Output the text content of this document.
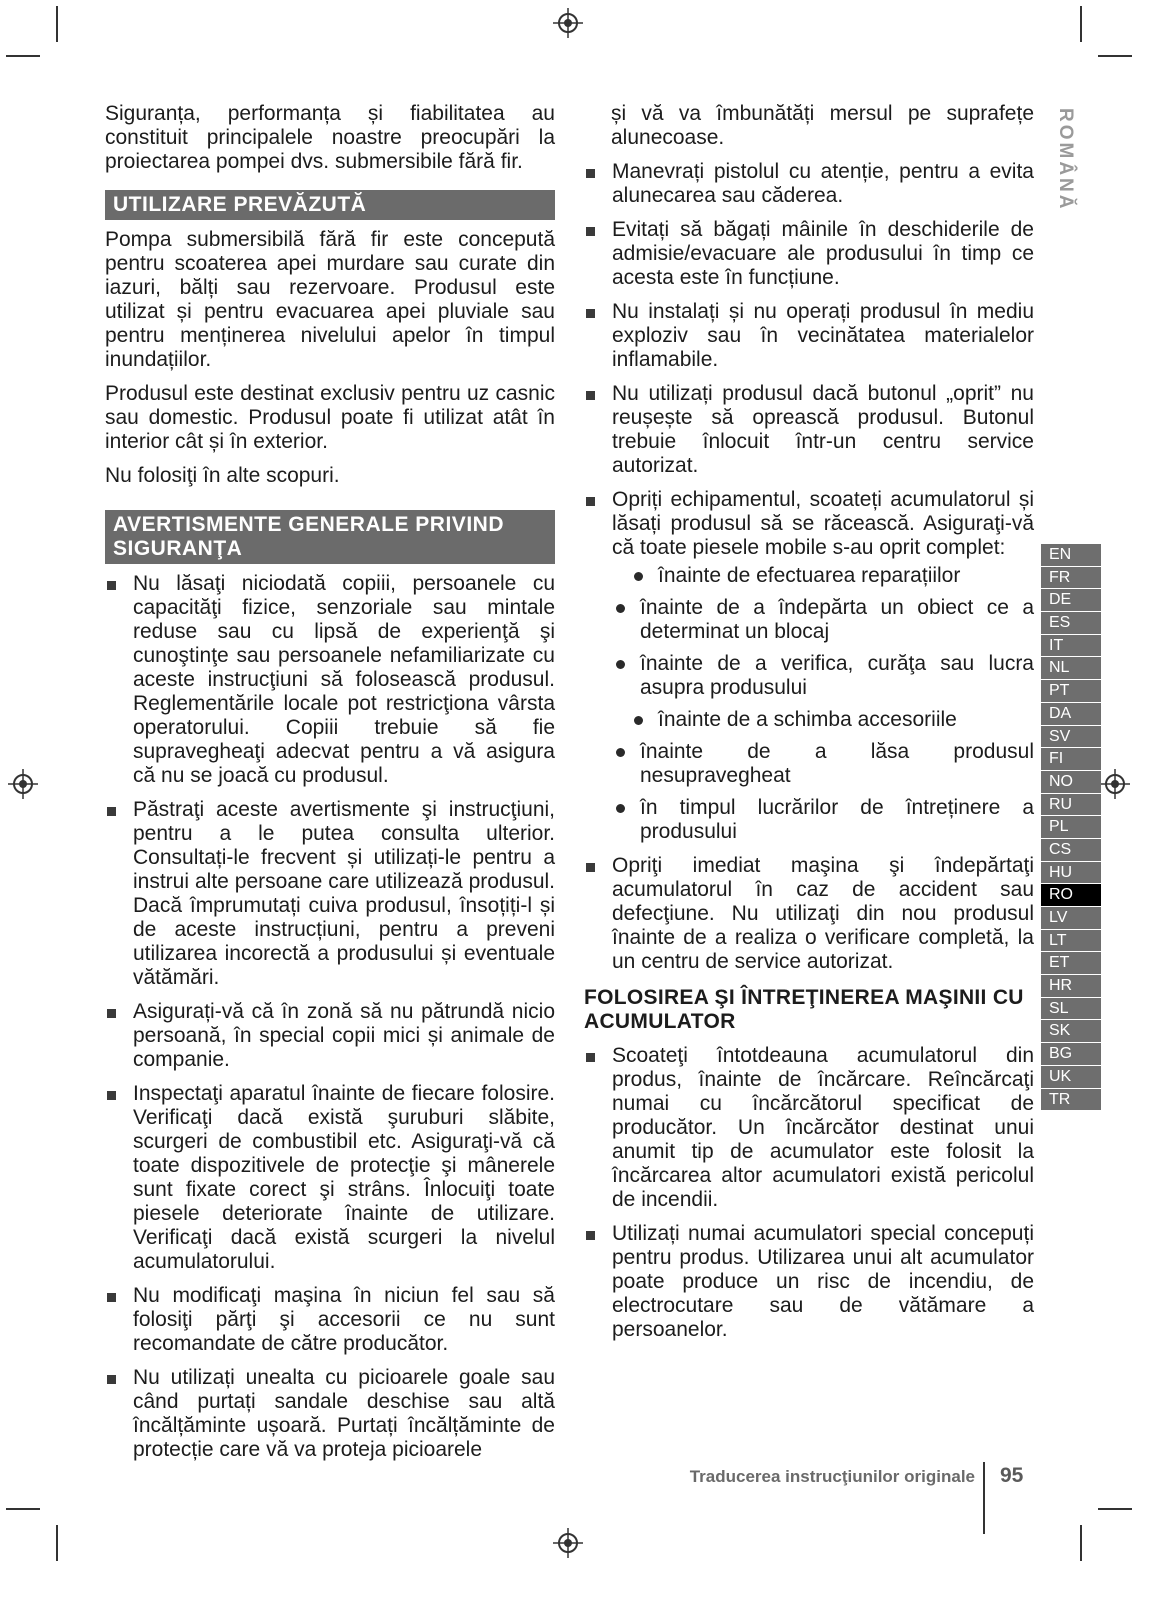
Siguranța, performanța și fiabilitatea au constituit principalele noastre preocupări la proiectarea pompei dvs. submersibile fără fir.

UTILIZARE PREVĂZUTĂ

Pompa submersibilă fără fir este concepută pentru scoaterea apei murdare sau curate din iazuri, bălți sau rezervoare. Produsul este utilizat și pentru evacuarea apei pluviale sau pentru menținerea nivelului apelor în timpul inundațiilor.

Produsul este destinat exclusiv pentru uz casnic sau domestic. Produsul poate fi utilizat atât în interior cât și în exterior.

Nu folosiţi în alte scopuri.

AVERTISMENTE GENERALE PRIVIND SIGURANŢA
Nu lăsaţi niciodată copiii, persoanele cu capacităţi fizice, senzoriale sau mintale reduse sau cu lipsă de experienţă şi cunoştinţe sau persoanele nefamiliarizate cu aceste instrucţiuni să folosească produsul. Reglementările locale pot restricţiona vârsta operatorului. Copiii trebuie să fie supravegheaţi adecvat pentru a vă asigura că nu se joacă cu produsul.
Păstraţi aceste avertismente şi instrucţiuni, pentru a le putea consulta ulterior. Consultați-le frecvent și utilizați-le pentru a instrui alte persoane care utilizează produsul. Dacă împrumutați cuiva produsul, însoțiți-l și de aceste instrucțiuni, pentru a preveni utilizarea incorectă a produsului și eventuale vătămări.
Asigurați-vă că în zonă să nu pătrundă nicio persoană, în special copii mici și animale de companie.
Inspectaţi aparatul înainte de fiecare folosire. Verificaţi dacă există şuruburi slăbite, scurgeri de combustibil etc. Asiguraţi-vă că toate dispozitivele de protecţie şi mânerele sunt fixate corect şi strâns. Înlocuiţi toate piesele deteriorate înainte de utilizare. Verificaţi dacă există scurgeri la nivelul acumulatorului.
Nu modificaţi maşina în niciun fel sau să folosiţi părţi şi accesorii ce nu sunt recomandate de către producător.
Nu utilizați unealta cu picioarele goale sau când purtați sandale deschise sau altă încălțăminte ușoară. Purtați încălțăminte de protecție care vă va proteja picioarele

și vă va îmbunătăți mersul pe suprafețe alunecoase.

Manevrați pistolul cu atenție, pentru a evita alunecarea sau căderea.
Evitați să băgați mâinile în deschiderile de admisie/evacuare ale produsului în timp ce acesta este în funcțiune.
Nu instalați și nu operați produsul în mediu exploziv sau în vecinătatea materialelor inflamabile.
Nu utilizați produsul dacă butonul „oprit” nu reușește să oprească produsul. Butonul trebuie înlocuit într-un centru service autorizat.
Opriți echipamentul, scoateți acumulatorul și lăsați produsul să se răcească. Asiguraţi-vă că toate piesele mobile s-au oprit complet:
înainte de efectuarea reparațiilor
înainte de a îndepărta un obiect ce a determinat un blocaj
înainte de a verifica, curăţa sau lucra asupra produsului
înainte de a schimba accesoriile
înainte de a lăsa produsul nesupravegheat
în timpul lucrărilor de întreținere a produsului
Opriţi imediat maşina şi îndepărtaţi acumulatorul în caz de accident sau defecţiune. Nu utilizaţi din nou produsul înainte de a realiza o verificare completă, la un centru de service autorizat.
FOLOSIREA ŞI ÎNTREŢINEREA MAŞINII CU ACUMULATOR
Scoateţi întotdeauna acumulatorul din produs, înainte de încărcare. Reîncărcaţi numai cu încărcătorul specificat de producător. Un încărcător destinat unui anumit tip de acumulator este folosit la încărcarea altor acumulatori există pericolul de incendii.
Utilizați numai acumulatori special concepuți pentru produs. Utilizarea unui alt acumulator poate produce un risc de incendiu, de electrocutare sau de vătămare a persoanelor.
ROMÂNĂ
EN
FR
DE
ES
IT
NL
PT
DA
SV
FI
NO
RU
PL
CS
HU
RO
LV
LT
ET
HR
SL
SK
BG
UK
TR
Traducerea instrucţiunilor originale 95
